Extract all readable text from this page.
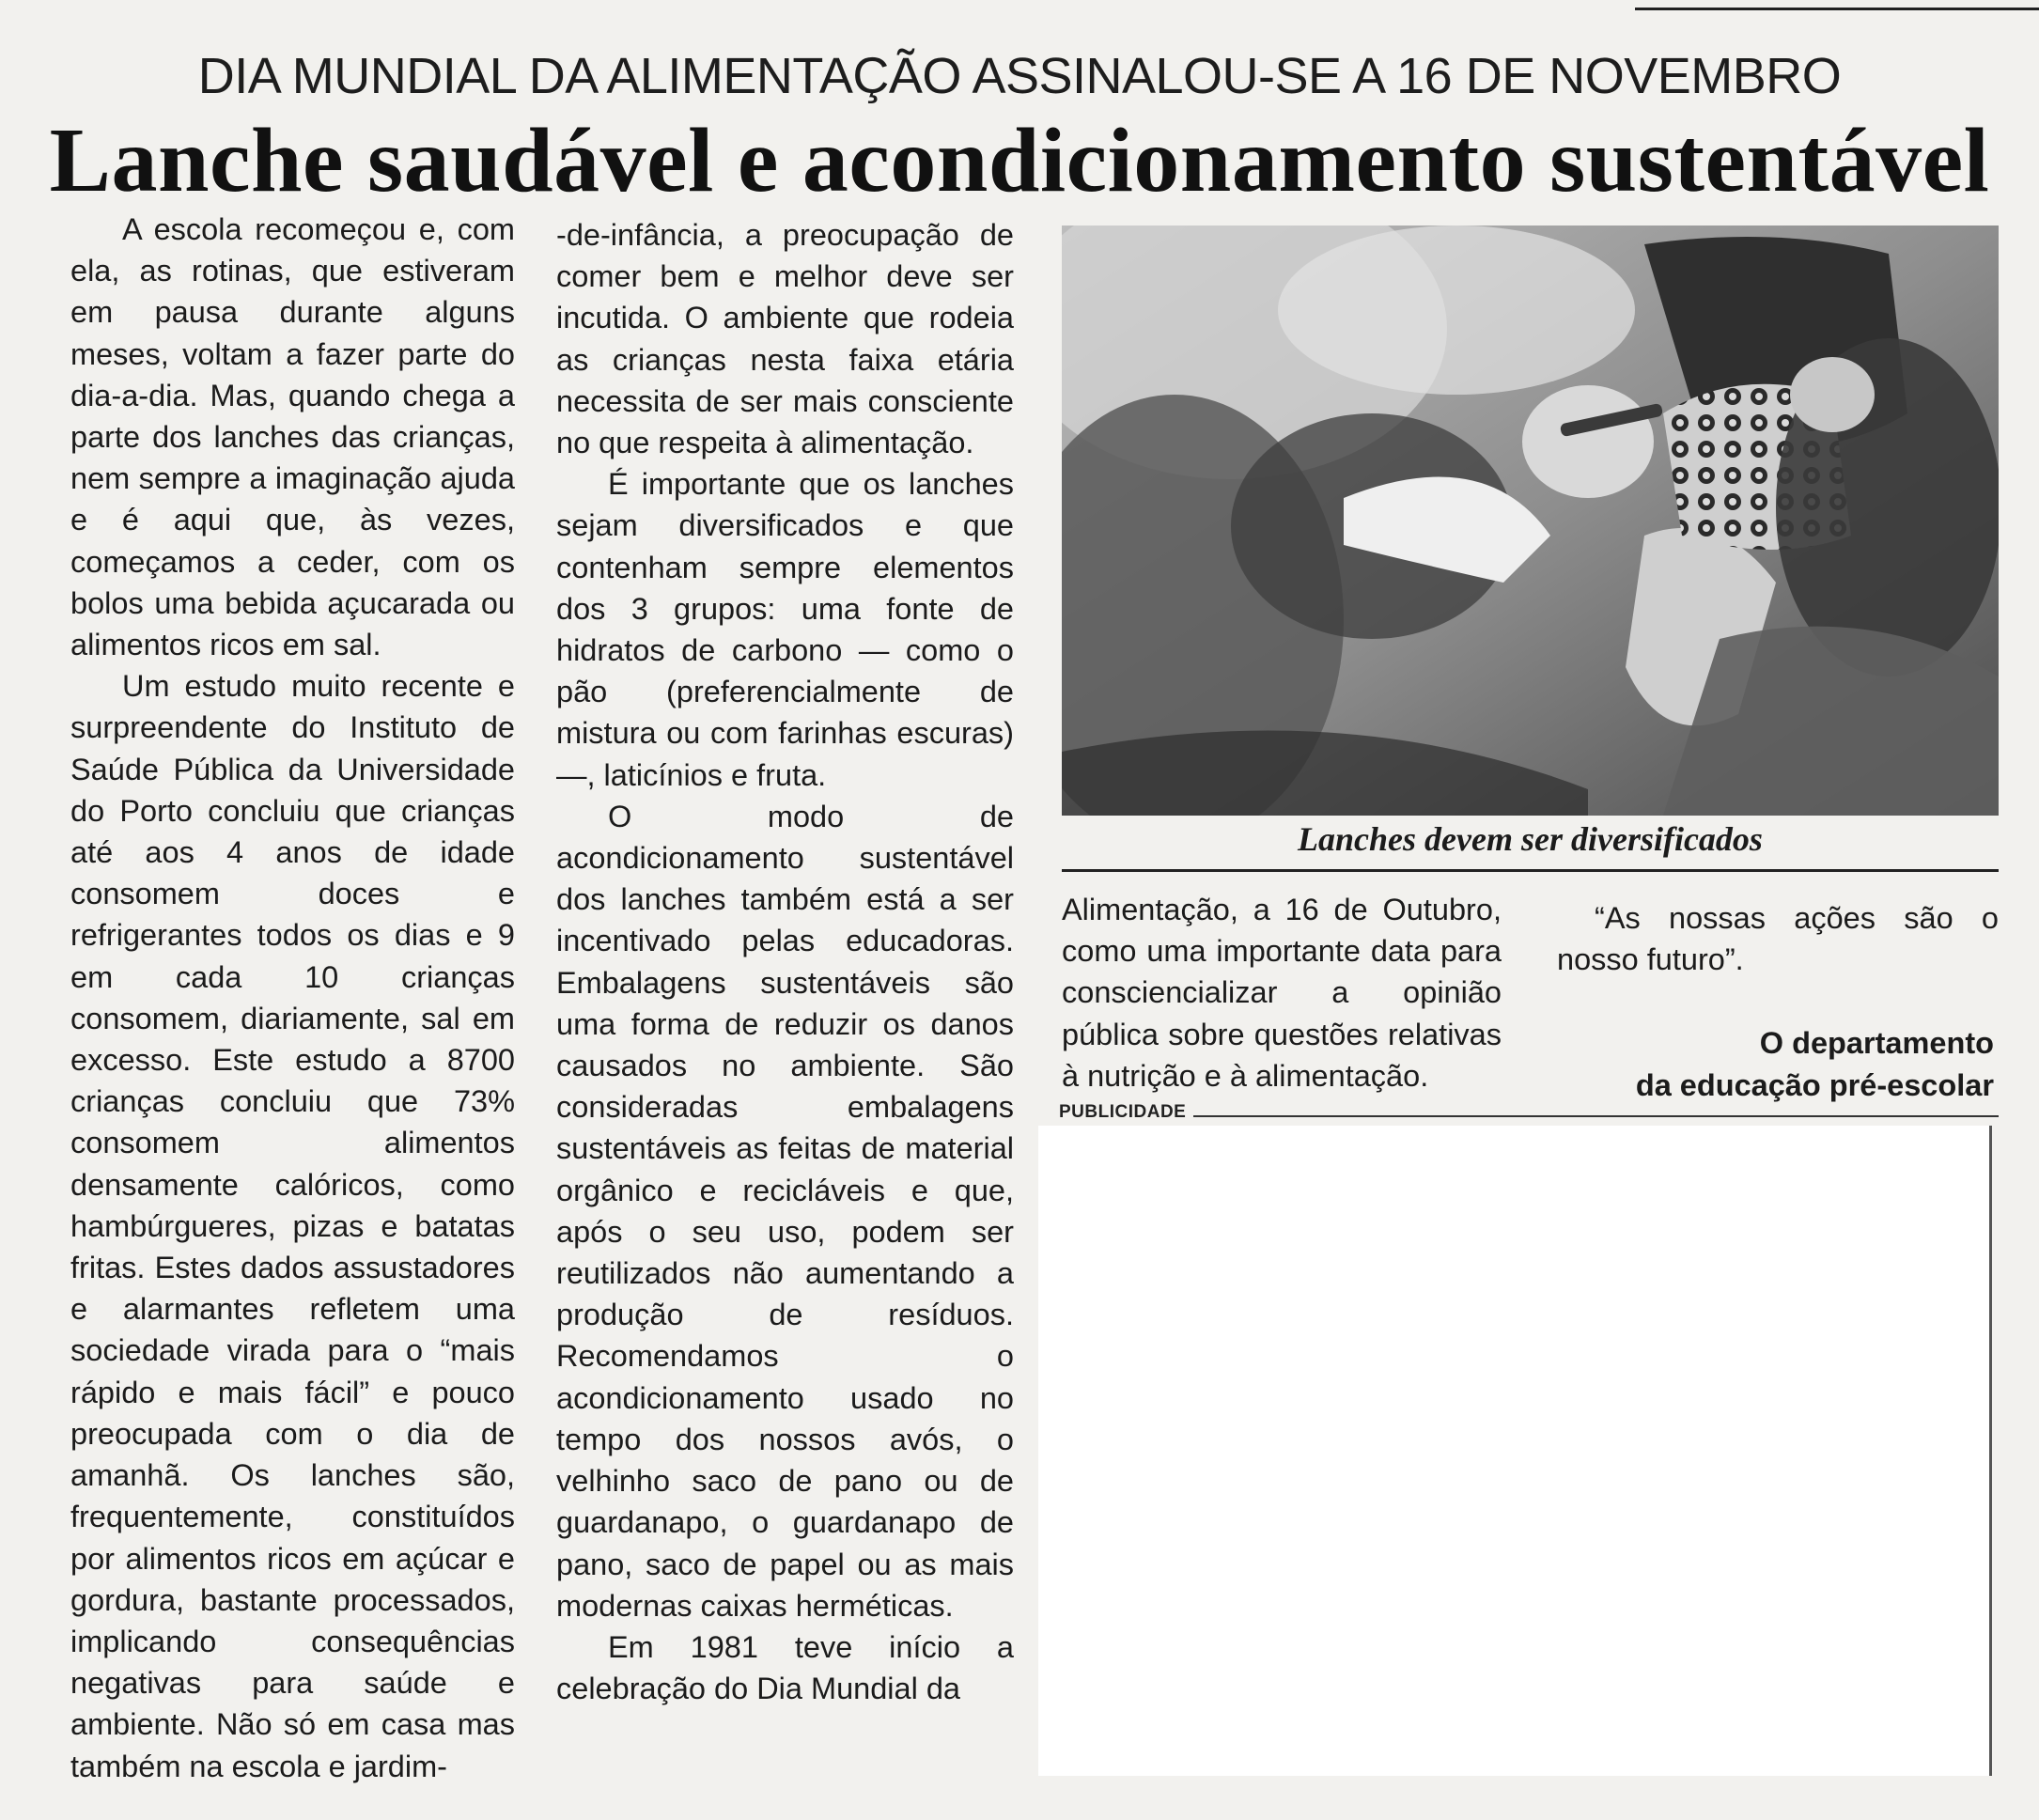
DIA MUNDIAL DA ALIMENTAÇÃO ASSINALOU-SE A 16 DE NOVEMBRO
Lanche saudável e acondicionamento sustentável

A escola recomeçou e, com ela, as rotinas, que estiveram em pausa durante alguns meses, voltam a fazer parte do dia-a-dia. Mas, quando chega a parte dos lanches das crianças, nem sempre a imaginação ajuda e é aqui que, às vezes, começamos a ceder, com os bolos uma bebida açucarada ou alimentos ricos em sal.

Um estudo muito recente e surpreendente do Instituto de Saúde Pública da Universidade do Porto concluiu que crianças até aos 4 anos de idade consomem doces e refrigerantes todos os dias e 9 em cada 10 crianças consomem, diariamente, sal em excesso. Este estudo a 8700 crianças concluiu que 73% consomem alimentos densamente calóricos, como hambúrgueres, pizas e batatas fritas. Estes dados assustadores e alarmantes refletem uma sociedade virada para o “mais rápido e mais fácil” e pouco preocupada com o dia de amanhã. Os lanches são, frequentemente, constituídos por alimentos ricos em açúcar e gordura, bastante processados, implicando consequências negativas para saúde e ambiente. Não só em casa mas também na escola e jardim-

-de-infância, a preocupação de comer bem e melhor deve ser incutida. O ambiente que rodeia as crianças nesta faixa etária necessita de ser mais consciente no que respeita à alimentação.

É importante que os lanches sejam diversificados e que contenham sempre elementos dos 3 grupos: uma fonte de hidratos de carbono — como o pão (preferencialmente de mistura ou com farinhas escuras) —, laticínios e fruta.

O modo de acondicionamento sustentável dos lanches também está a ser incentivado pelas educadoras. Embalagens sustentáveis são uma forma de reduzir os danos causados no ambiente. São consideradas embalagens sustentáveis as feitas de material orgânico e recicláveis e que, após o seu uso, podem ser reutilizados não aumentando a produção de resíduos. Recomendamos o acondicionamento usado no tempo dos nossos avós, o velhinho saco de pano ou de guardanapo, o guardanapo de pano, saco de papel ou as mais modernas caixas herméticas.

Em 1981 teve início a celebração do Dia Mundial da

Lanches devem ser diversificados

Alimentação, a 16 de Outubro, como uma importante data para consciencializar a opinião pública sobre questões relativas à nutrição e à alimentação.

“As nossas ações são o nosso futuro”.

O departamento
da educação pré-escolar
PUBLICIDADE
